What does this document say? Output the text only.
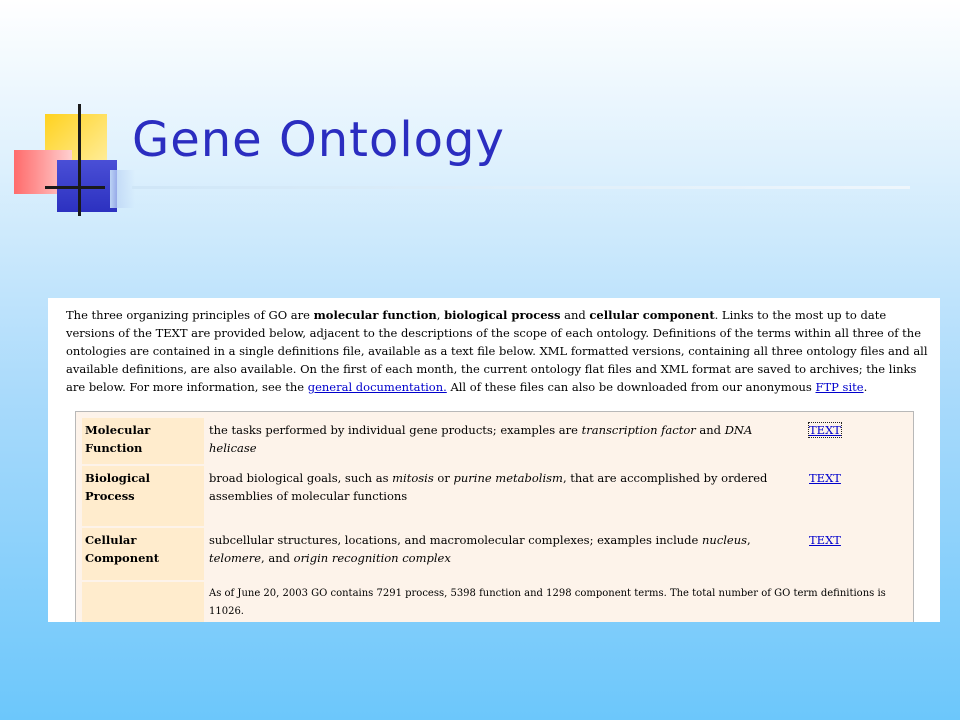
Gene Ontology

The three organizing principles of GO are molecular function, biological process and cellular component. Links to the most up to date versions of the TEXT are provided below, adjacent to the descriptions of the scope of each ontology. Definitions of the terms within all three of the ontologies are contained in a single definitions file, available as a text file below. XML formatted versions, containing all three ontology files and all available definitions, are also available. On the first of each month, the current ontology flat files and XML format are saved to archives; the links are below. For more information, see the general documentation. All of these files can also be downloaded from our anonymous FTP site.

Molecular Function	the tasks performed by individual gene products; examples are transcription factor and DNA helicase	TEXT
Biological Process	broad biological goals, such as mitosis or purine metabolism, that are accomplished by ordered assemblies of molecular functions	TEXT
Cellular Component	subcellular structures, locations, and macromolecular complexes; examples include nucleus, telomere, and origin recognition complex	TEXT
	As of June 20, 2003 GO contains 7291 process, 5398 function and 1298 component terms. The total number of GO term definitions is 11026.	
